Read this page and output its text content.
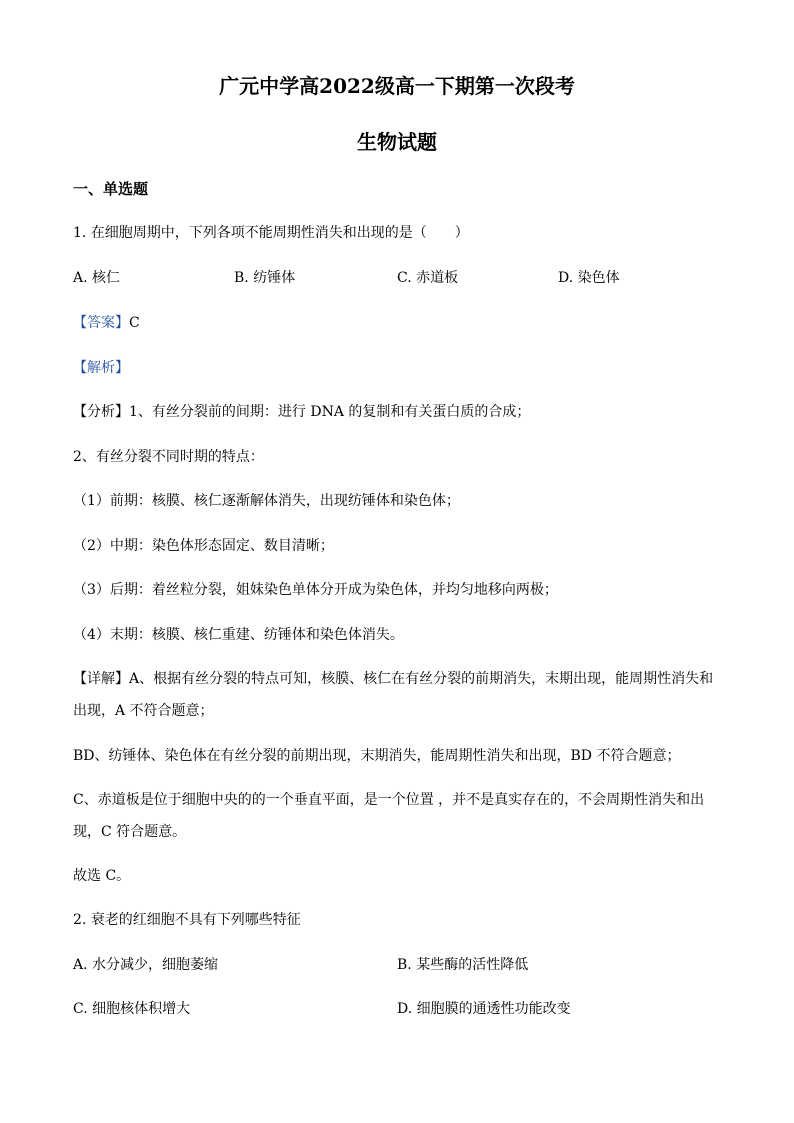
广元中学高2022级高一下期第一次段考
生物试题
一、单选题
1. 在细胞周期中，下列各项不能周期性消失和出现的是（　　）
A. 核仁	B. 纺锤体	C. 赤道板	D. 染色体
【答案】C
【解析】
【分析】1、有丝分裂前的间期：进行 DNA 的复制和有关蛋白质的合成；
2、有丝分裂不同时期的特点：
（1）前期：核膜、核仁逐渐解体消失，出现纺锤体和染色体；
（2）中期：染色体形态固定、数目清晰；
（3）后期：着丝粒分裂，姐妹染色单体分开成为染色体，并均匀地移向两极；
（4）末期：核膜、核仁重建、纺锤体和染色体消失。
【详解】A、根据有丝分裂的特点可知，核膜、核仁在有丝分裂的前期消失，末期出现，能周期性消失和
出现，A 不符合题意；
BD、纺锤体、染色体在有丝分裂的前期出现，末期消失，能周期性消失和出现，BD 不符合题意；
C、赤道板是位于细胞中央的的一个垂直平面，是一个位置 ，并不是真实存在的，不会周期性消失和出
现，C 符合题意。
故选 C。
2. 衰老的红细胞不具有下列哪些特征
A. 水分减少，细胞萎缩	B. 某些酶的活性降低
C. 细胞核体积增大	D. 细胞膜的通透性功能改变
